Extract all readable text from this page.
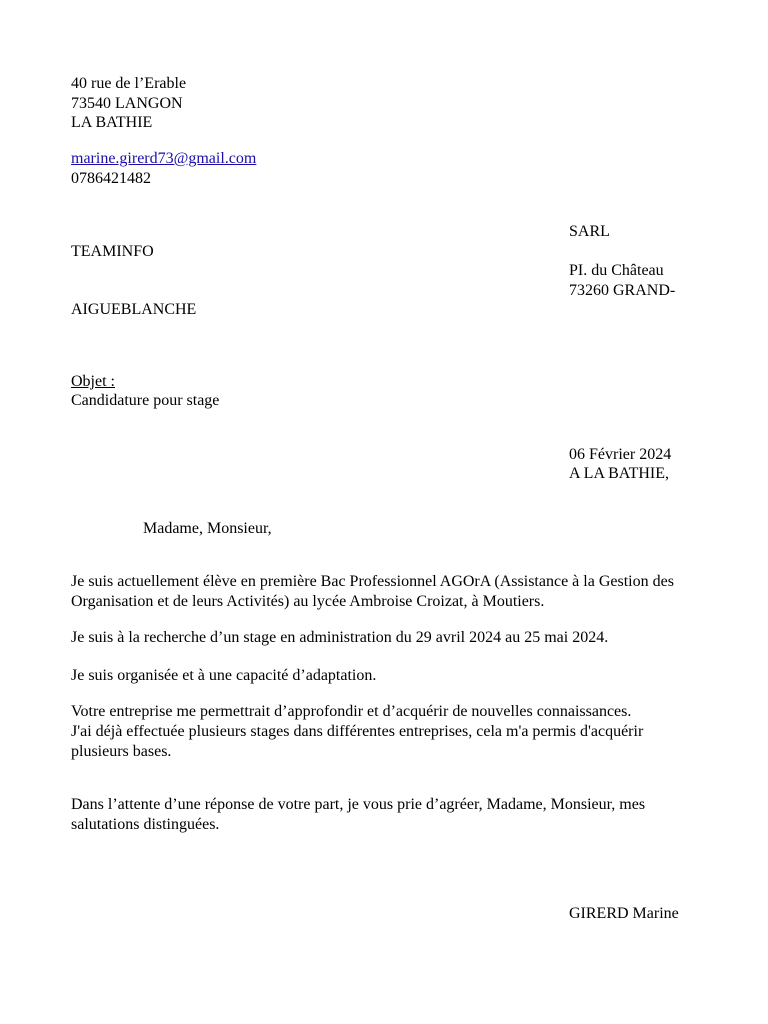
40 rue de l’Erable
73540 LANGON
LA BATHIE
marine.girerd73@gmail.com
0786421482
SARL
TEAMINFO
PI. du Château
73260 GRAND-
AIGUEBLANCHE
Objet :
Candidature pour stage
06 Février 2024
A LA BATHIE,
Madame, Monsieur,
Je suis actuellement élève en première Bac Professionnel AGOrA (Assistance à la Gestion des Organisation et de leurs Activités) au lycée Ambroise Croizat, à Moutiers.
Je suis à la recherche d’un stage en administration du 29 avril 2024 au 25 mai 2024.
Je suis organisée et à une capacité d’adaptation.
Votre entreprise me permettrait d’approfondir et d’acquérir de nouvelles connaissances.
J'ai déjà effectuée plusieurs stages dans différentes entreprises, cela m'a permis d'acquérir plusieurs bases.
Dans l’attente d’une réponse de votre part, je vous prie d’agréer, Madame, Monsieur, mes salutations distinguées.
GIRERD Marine
